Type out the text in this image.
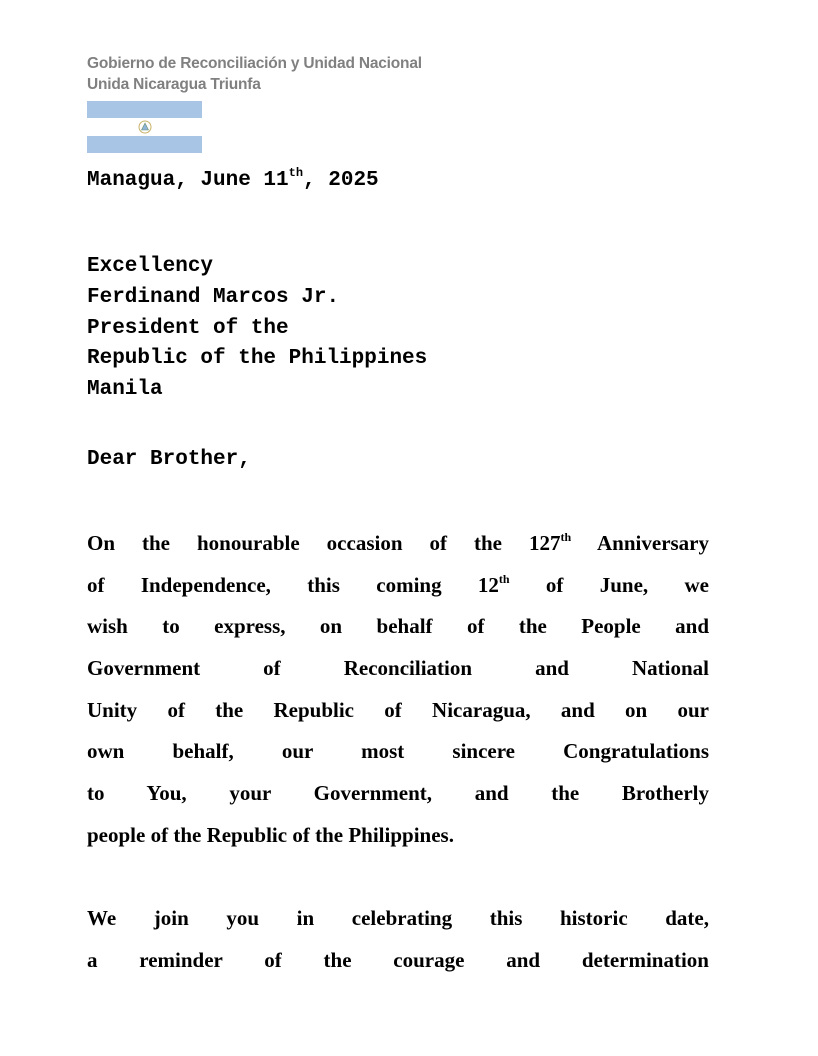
Gobierno de Reconciliación y Unidad Nacional
Unida Nicaragua Triunfa
Managua, June 11th, 2025
Excellency
Ferdinand Marcos Jr.
President of the
Republic of the Philippines
Manila
Dear Brother,
On the honourable occasion of the 127th Anniversary
of Independence, this coming 12th of June, we
wish to express, on behalf of the People and
Government of Reconciliation and National
Unity of the Republic of Nicaragua, and on our
own behalf, our most sincere Congratulations
to You, your Government, and the Brotherly
people of the Republic of the Philippines.
We join you in celebrating this historic date,
a reminder of the courage and determination
